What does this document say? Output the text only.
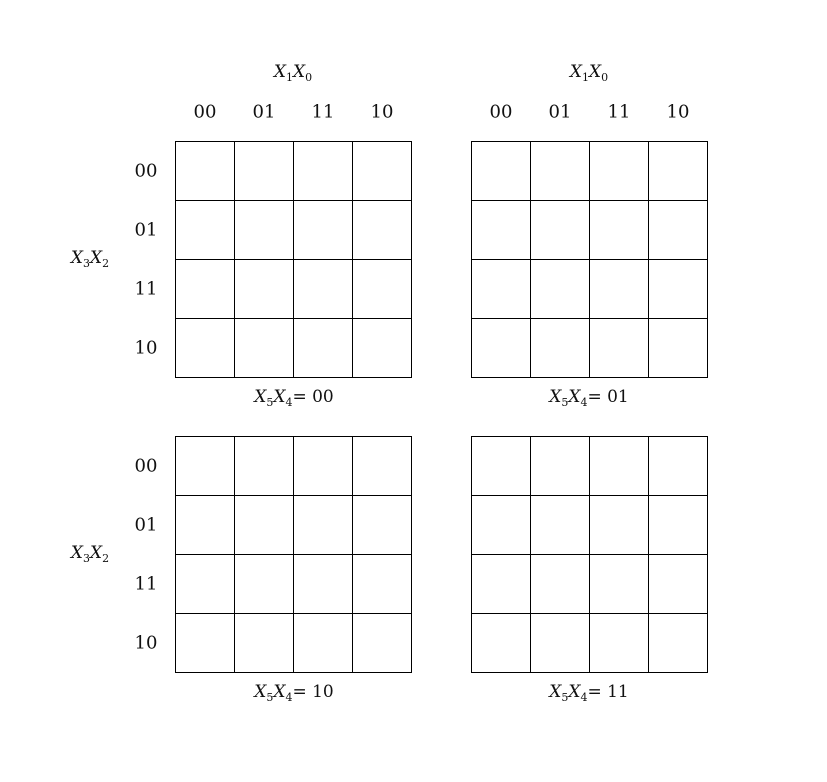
$X_1X_0$	$X_1X_0$
00 01 11 10	00 01 11 10
$X_3X_2$
$X_3X_2$
00
01
11
10
00
01
11
10
$X_5X_4= 00$	$X_5X_4= 01$
$X_5X_4= 10$	$X_5X_4= 11$
